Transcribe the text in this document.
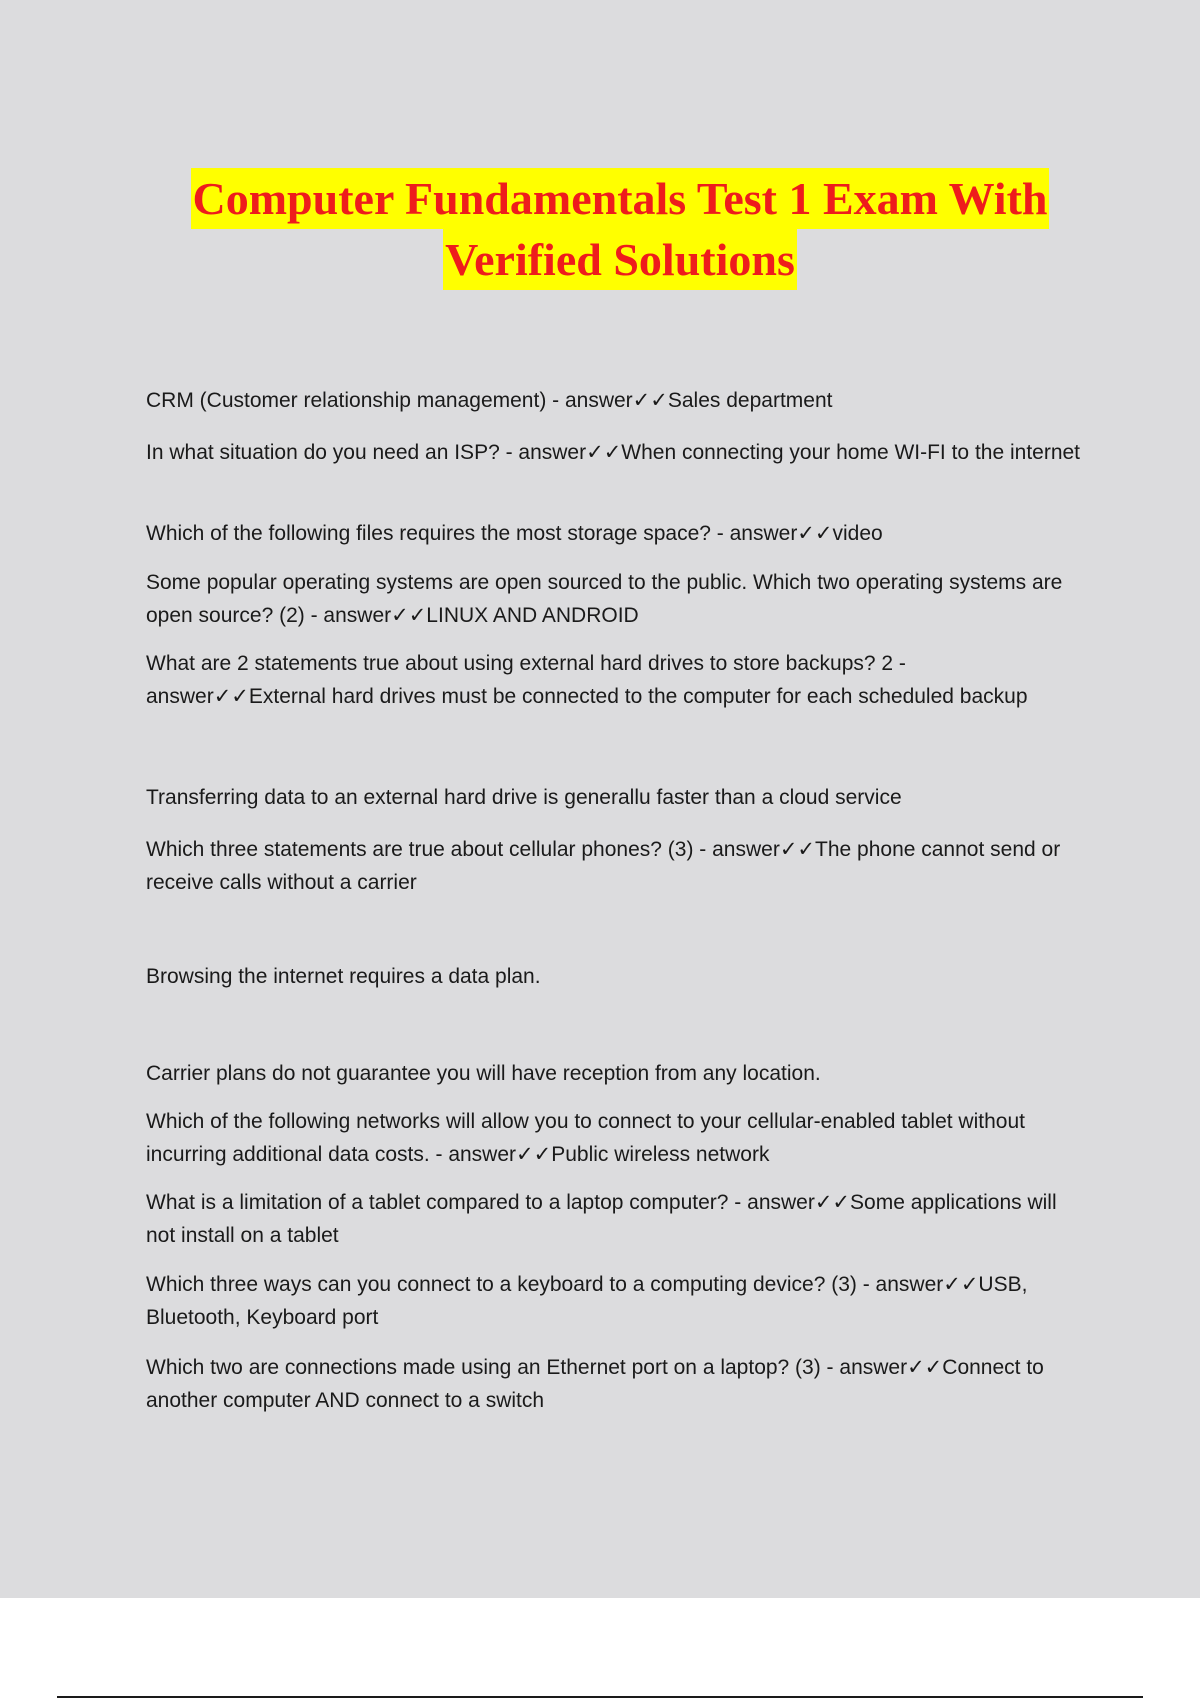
Computer Fundamentals Test 1 Exam With
Verified Solutions

CRM (Customer relationship management) - answer✓✓Sales department

In what situation do you need an ISP? - answer✓✓When connecting your home WI-FI to the internet

Which of the following files requires the most storage space? - answer✓✓video

Some popular operating systems are open sourced to the public. Which two operating systems are open source? (2) - answer✓✓LINUX AND ANDROID

What are 2 statements true about using external hard drives to store backups? 2 - answer✓✓External hard drives must be connected to the computer for each scheduled backup

Transferring data to an external hard drive is generallu faster than a cloud service

Which three statements are true about cellular phones? (3) - answer✓✓The phone cannot send or receive calls without a carrier

Browsing the internet requires a data plan.

Carrier plans do not guarantee you will have reception from any location.

Which of the following networks will allow you to connect to your cellular-enabled tablet without incurring additional data costs. - answer✓✓Public wireless network

What is a limitation of a tablet compared to a laptop computer? - answer✓✓Some applications will not install on a tablet

Which three ways can you connect to a keyboard to a computing device? (3) - answer✓✓USB, Bluetooth, Keyboard port

Which two are connections made using an Ethernet port on a laptop? (3) - answer✓✓Connect to another computer AND connect to a switch
